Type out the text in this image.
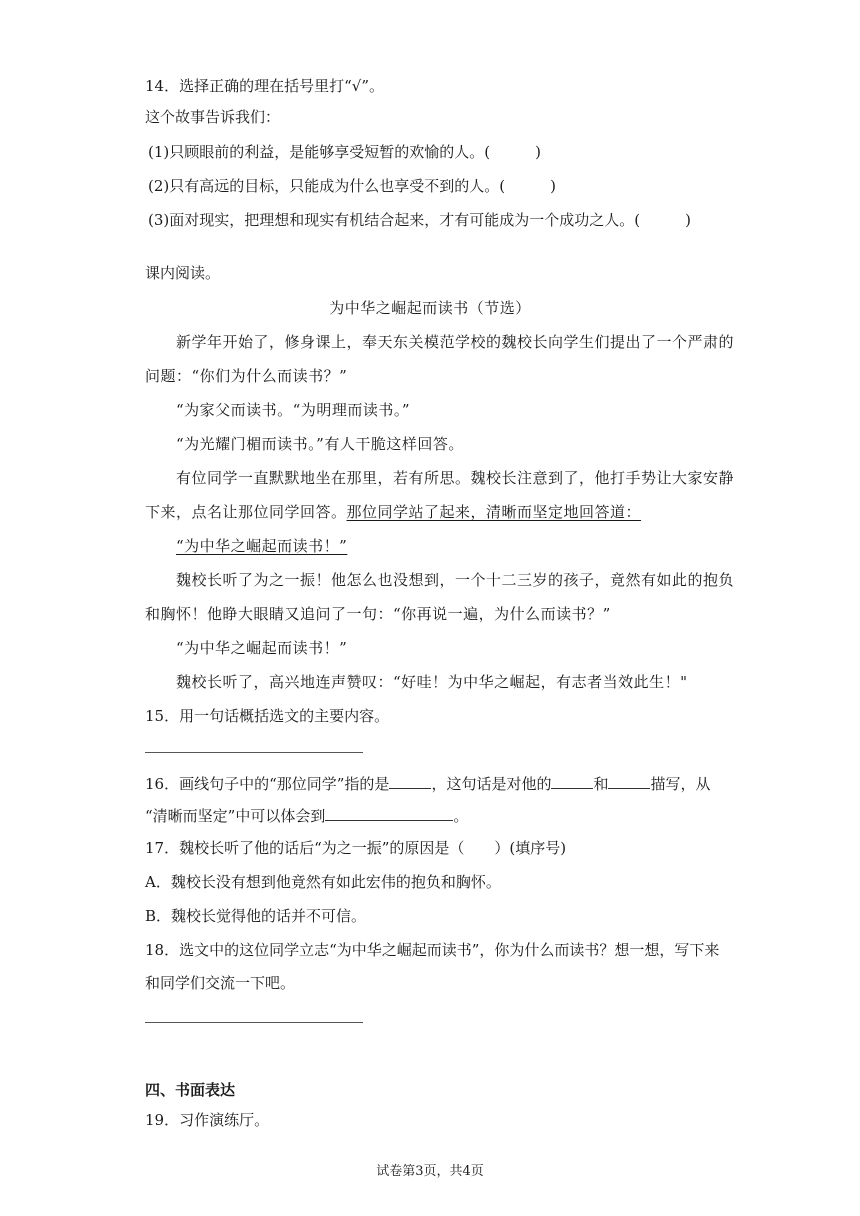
14．选择正确的理在括号里打“√”。
这个故事告诉我们：
(1)只顾眼前的利益，是能够享受短暂的欢愉的人。(　　　)
(2)只有高远的目标，只能成为什么也享受不到的人。(　　　)
(3)面对现实，把理想和现实有机结合起来，才有可能成为一个成功之人。(　　　)
课内阅读。
为中华之崛起而读书（节选）
新学年开始了，修身课上，奉天东关模范学校的魏校长向学生们提出了一个严肃的
问题：“你们为什么而读书？”
“为家父而读书。“为明理而读书。”
“为光耀门楣而读书。”有人干脆这样回答。
有位同学一直默默地坐在那里，若有所思。魏校长注意到了，他打手势让大家安静
下来，点名让那位同学回答。那位同学站了起来，清晰而坚定地回答道：
“为中华之崛起而读书！”
魏校长听了为之一振！他怎么也没想到，一个十二三岁的孩子，竟然有如此的抱负
和胸怀！他睁大眼睛又追问了一句：“你再说一遍，为什么而读书？”
“为中华之崛起而读书！”
魏校长听了，高兴地连声赞叹：“好哇！为中华之崛起，有志者当效此生！"
15．用一句话概括选文的主要内容。
16．画线句子中的“那位同学”指的是	，这句话是对他的	和	描写，从
“清晰而坚定”中可以体会到	。
17．魏校长听了他的话后“为之一振”的原因是（　　）(填序号)
A．魏校长没有想到他竟然有如此宏伟的抱负和胸怀。
B．魏校长觉得他的话并不可信。
18．选文中的这位同学立志“为中华之崛起而读书”，你为什么而读书？想一想，写下来
和同学们交流一下吧。
四、书面表达
19．习作演练厅。
试卷第3页，共4页
